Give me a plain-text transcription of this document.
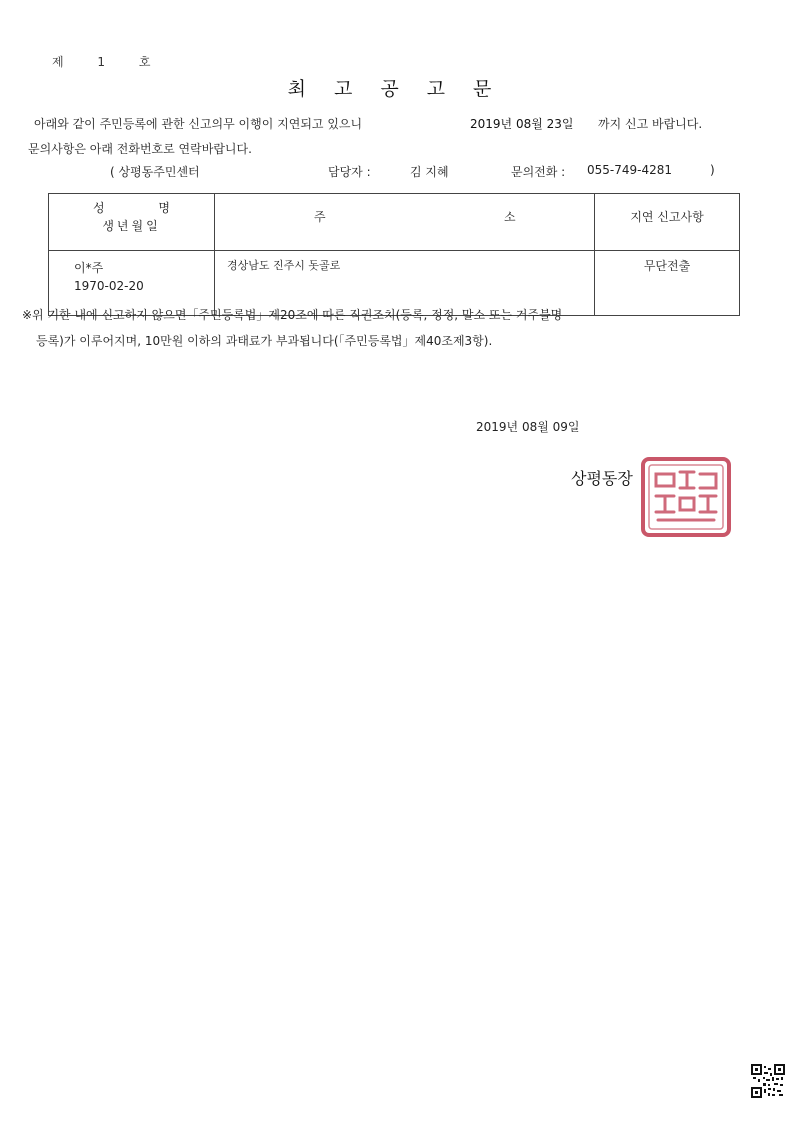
제 1 호
최고공고문
아래와 같이 주민등록에 관한 신고의무 이행이 지연되고 있으니	2019년 08월 23일 까지 신고 바랍니다.
문의사항은 아래 전화번호로 연락바랍니다.
( 상평동주민센터	담당자 :	김 지혜	문의전화 : 055-749-4281	)
성 명
생년월일	주 소	지연 신고사항

이*주
1970-02-20	경상남도 진주시 돗골로	무단전출
※위 기한 내에 신고하지 않으면「주민등록법」제20조에 따른 직권조치(등록, 정정, 말소 또는 거주불명
등록)가 이루어지며, 10만원 이하의 과태료가 부과됩니다(「주민등록법」제40조제3항).
2019년 08월 09일
상평동장
